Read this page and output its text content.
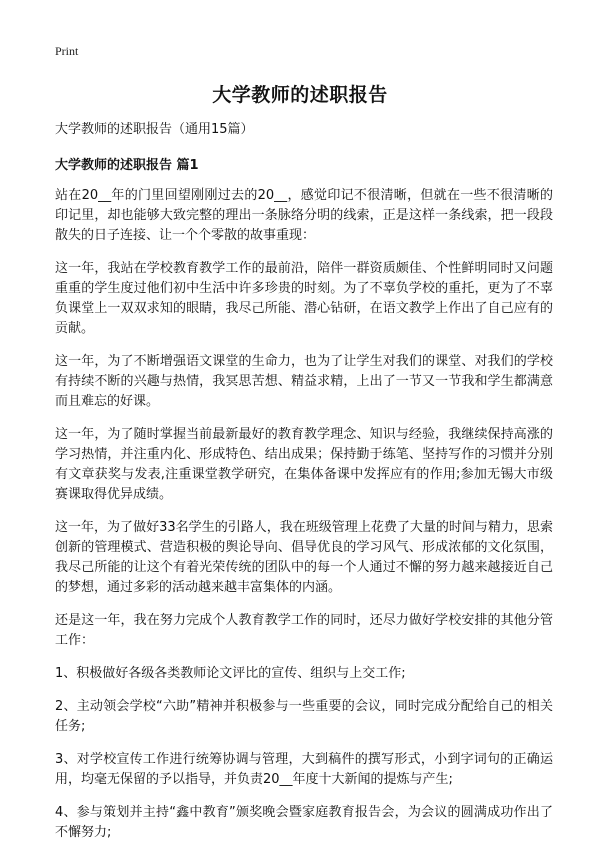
Print
大学教师的述职报告

大学教师的述职报告（通用15篇）

大学教师的述职报告 篇1

站在20__年的门里回望刚刚过去的20__，感觉印记不很清晰，但就在一些不很清晰的印记里，却也能够大致完整的理出一条脉络分明的线索，正是这样一条线索，把一段段散失的日子连接、让一个个零散的故事重现：

这一年，我站在学校教育教学工作的最前沿，陪伴一群资质颇佳、个性鲜明同时又问题重重的学生度过他们初中生活中许多珍贵的时刻。为了不辜负学校的重托，更为了不辜负课堂上一双双求知的眼睛，我尽己所能、潜心钻研，在语文教学上作出了自己应有的贡献。

这一年，为了不断增强语文课堂的生命力，也为了让学生对我们的课堂、对我们的学校有持续不断的兴趣与热情，我冥思苦想、精益求精，上出了一节又一节我和学生都满意而且难忘的好课。

这一年，为了随时掌握当前最新最好的教育教学理念、知识与经验，我继续保持高涨的学习热情，并注重内化、形成特色、结出成果；保持勤于练笔、坚持写作的习惯并分别有文章获奖与发表,注重课堂教学研究，在集体备课中发挥应有的作用;参加无锡大市级赛课取得优异成绩。

这一年，为了做好33名学生的引路人，我在班级管理上花费了大量的时间与精力，思索创新的管理模式、营造积极的舆论导向、倡导优良的学习风气、形成浓郁的文化氛围，我尽己所能的让这个有着光荣传统的团队中的每一个人通过不懈的努力越来越接近自己的梦想，通过多彩的活动越来越丰富集体的内涵。

还是这一年，我在努力完成个人教育教学工作的同时，还尽力做好学校安排的其他分管工作：

1、积极做好各级各类教师论文评比的宣传、组织与上交工作;

2、主动领会学校“六助”精神并积极参与一些重要的会议，同时完成分配给自己的相关任务;

3、对学校宣传工作进行统筹协调与管理，大到稿件的撰写形式，小到字词句的正确运用，均毫无保留的予以指导，并负责20__年度十大新闻的提炼与产生;

4、参与策划并主持“鑫中教育”颁奖晚会暨家庭教育报告会，为会议的圆满成功作出了不懈努力;
